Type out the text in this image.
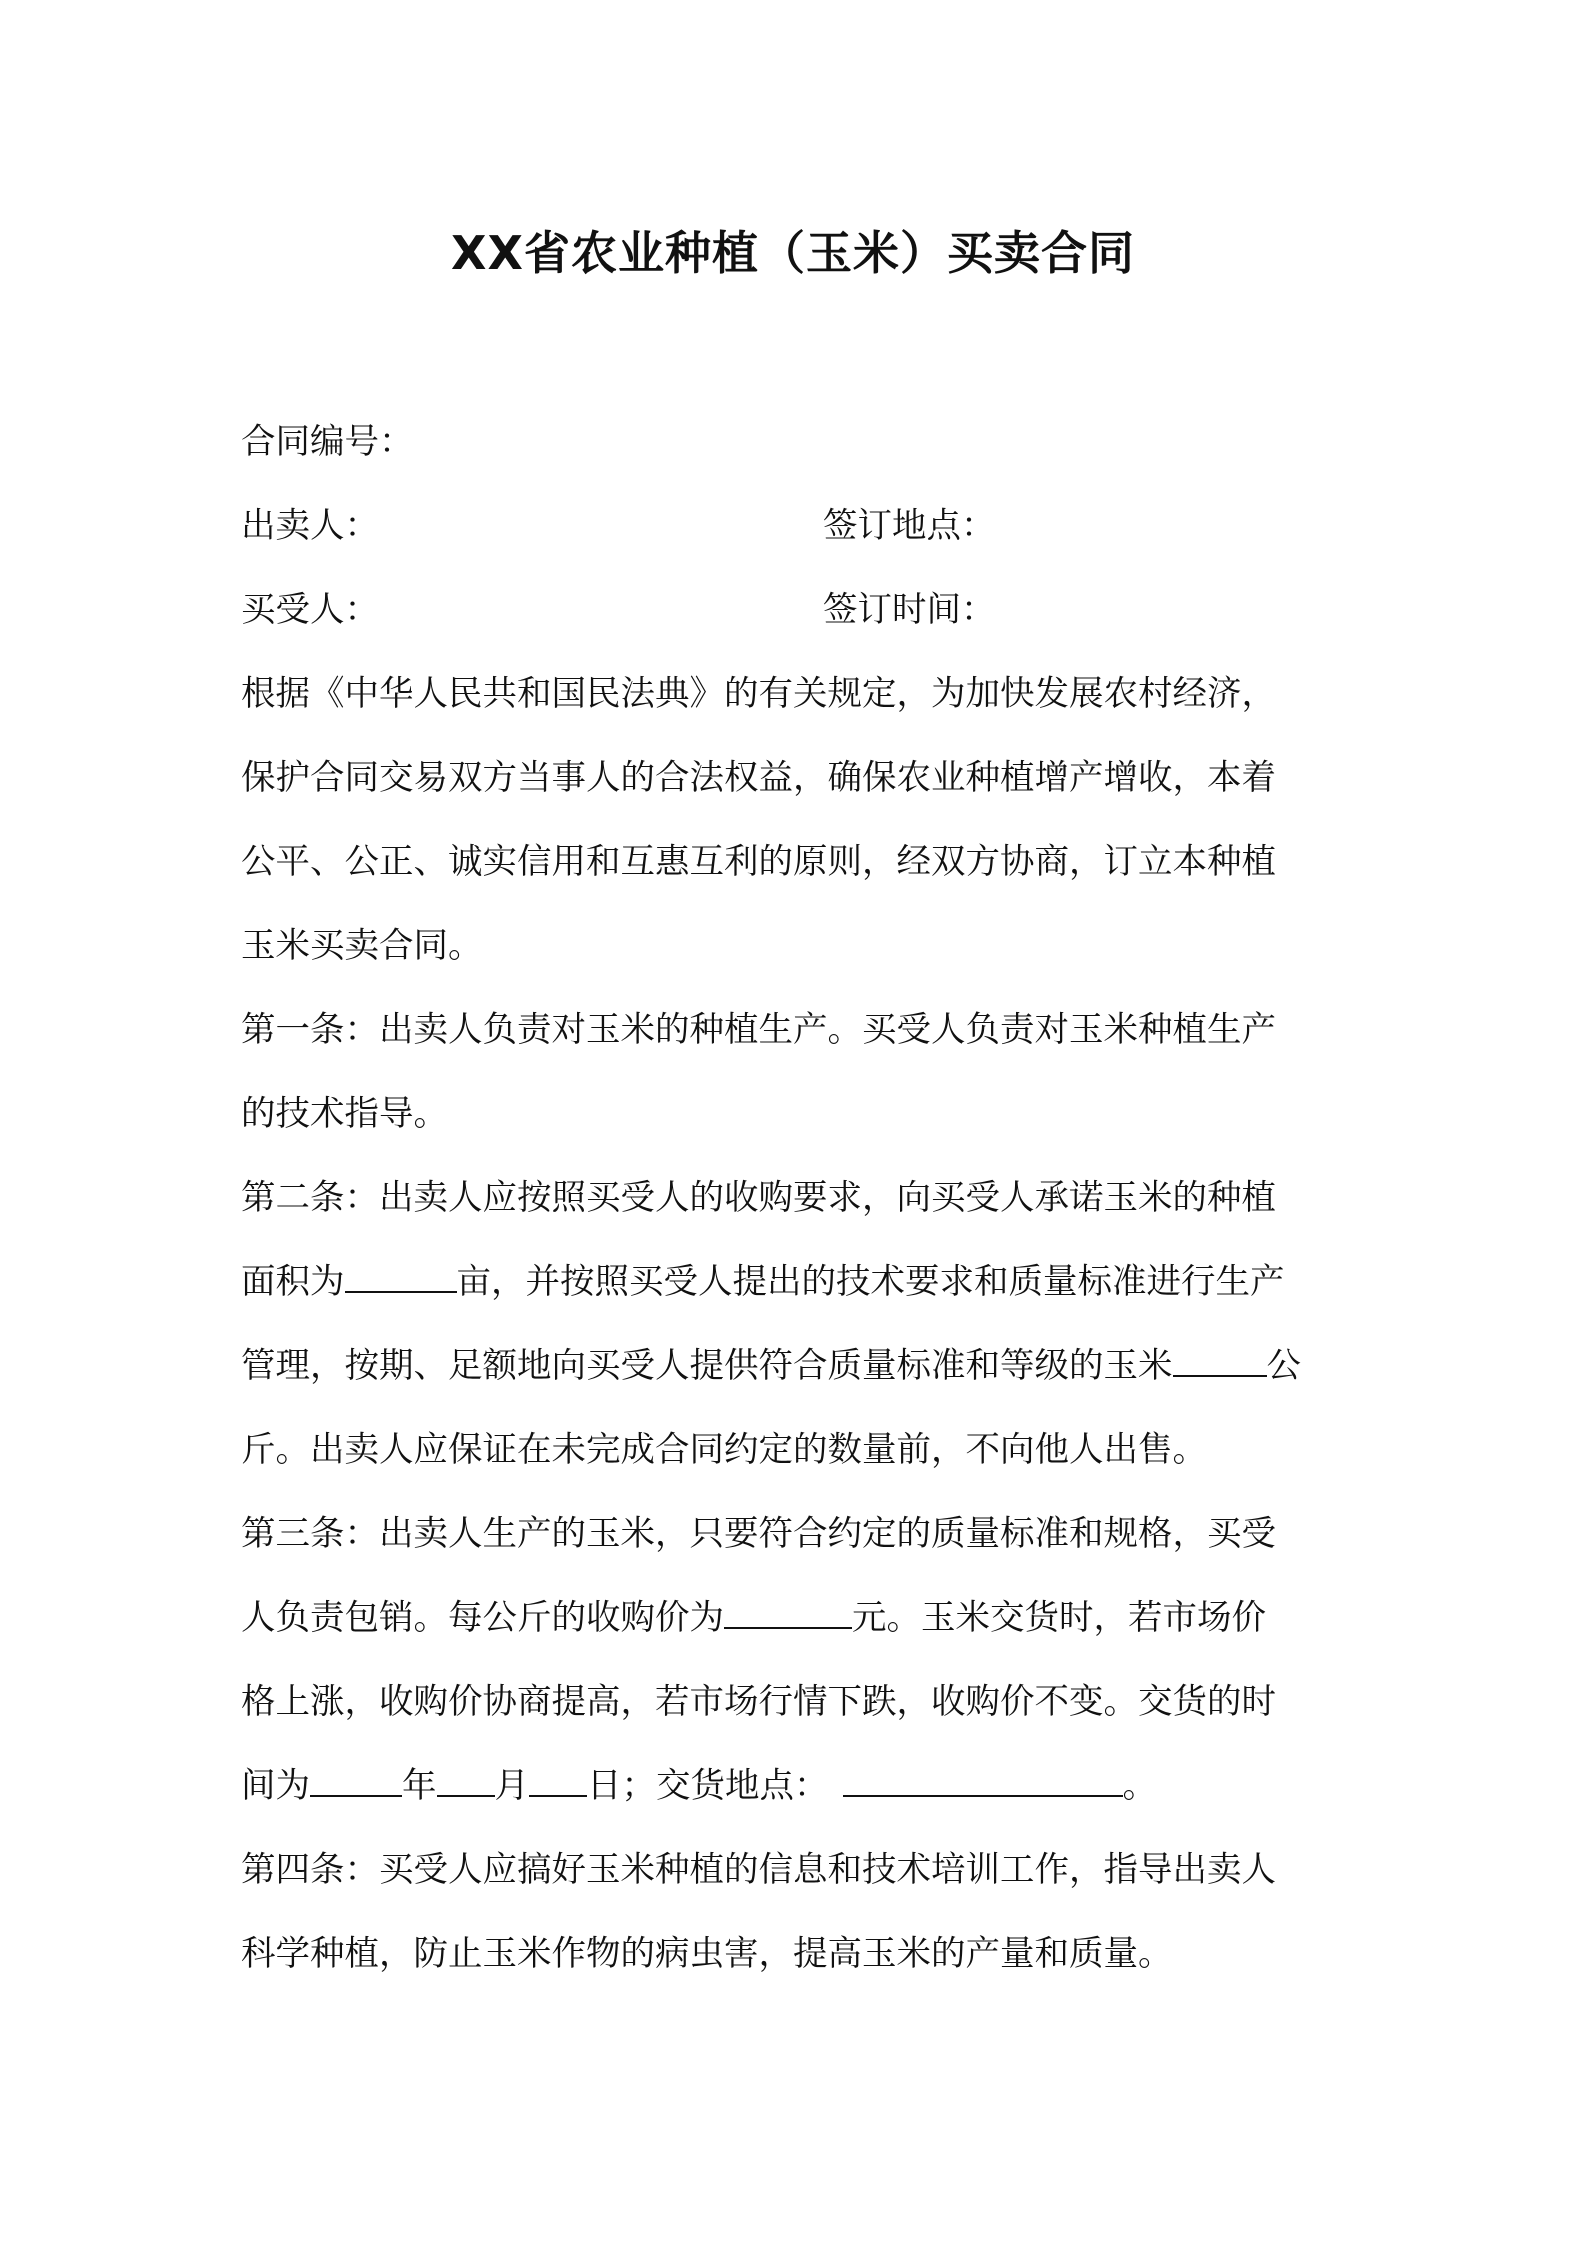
XX省农业种植（玉米）买卖合同
合同编号：
出卖人：	签订地点：
买受人：	签订时间：
根据《中华人民共和国民法典》的有关规定，为加快发展农村经济，
保护合同交易双方当事人的合法权益，确保农业种植增产增收，本着
公平、公正、诚实信用和互惠互利的原则，经双方协商，订立本种植
玉米买卖合同。
第一条：出卖人负责对玉米的种植生产。买受人负责对玉米种植生产
的技术指导。
第二条：出卖人应按照买受人的收购要求，向买受人承诺玉米的种植
面积为	亩，并按照买受人提出的技术要求和质量标准进行生产
管理，按期、足额地向买受人提供符合质量标准和等级的玉米	公
斤。出卖人应保证在未完成合同约定的数量前，不向他人出售。
第三条：出卖人生产的玉米，只要符合约定的质量标准和规格，买受
人负责包销。每公斤的收购价为	元。玉米交货时，若市场价
格上涨，收购价协商提高，若市场行情下跌，收购价不变。交货的时
间为	年 月 日；交货地点：	。
第四条：买受人应搞好玉米种植的信息和技术培训工作，指导出卖人
科学种植，防止玉米作物的病虫害，提高玉米的产量和质量。
